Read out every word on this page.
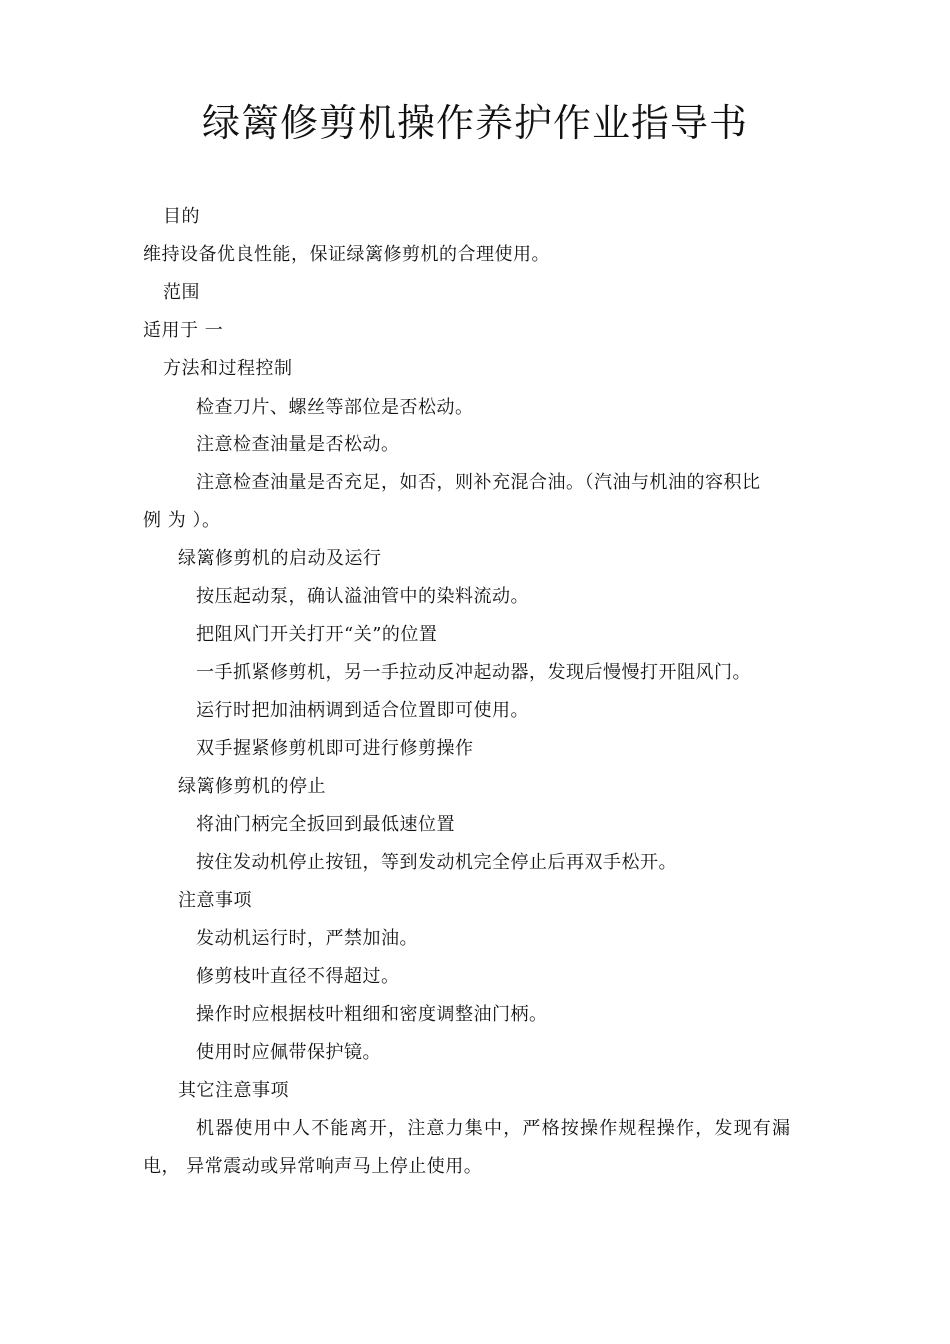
绿篱修剪机操作养护作业指导书
目的
维持设备优良性能，保证绿篱修剪机的合理使用。
范围
适用于 一
方法和过程控制
检查刀片、螺丝等部位是否松动。
注意检查油量是否松动。
注意检查油量是否充足，如否，则补充混合油。（汽油与机油的容积比
例 为 ）。
绿篱修剪机的启动及运行
按压起动泵，确认溢油管中的染料流动。
把阻风门开关打开“关”的位置
一手抓紧修剪机，另一手拉动反冲起动器，发现后慢慢打开阻风门。
运行时把加油柄调到适合位置即可使用。
双手握紧修剪机即可进行修剪操作
绿篱修剪机的停止
将油门柄完全扳回到最低速位置
按住发动机停止按钮，等到发动机完全停止后再双手松开。
注意事项
发动机运行时，严禁加油。
修剪枝叶直径不得超过。
操作时应根据枝叶粗细和密度调整油门柄。
使用时应佩带保护镜。
其它注意事项
机器使用中人不能离开，注意力集中，严格按操作规程操作，发现有漏
电， 异常震动或异常响声马上停止使用。
